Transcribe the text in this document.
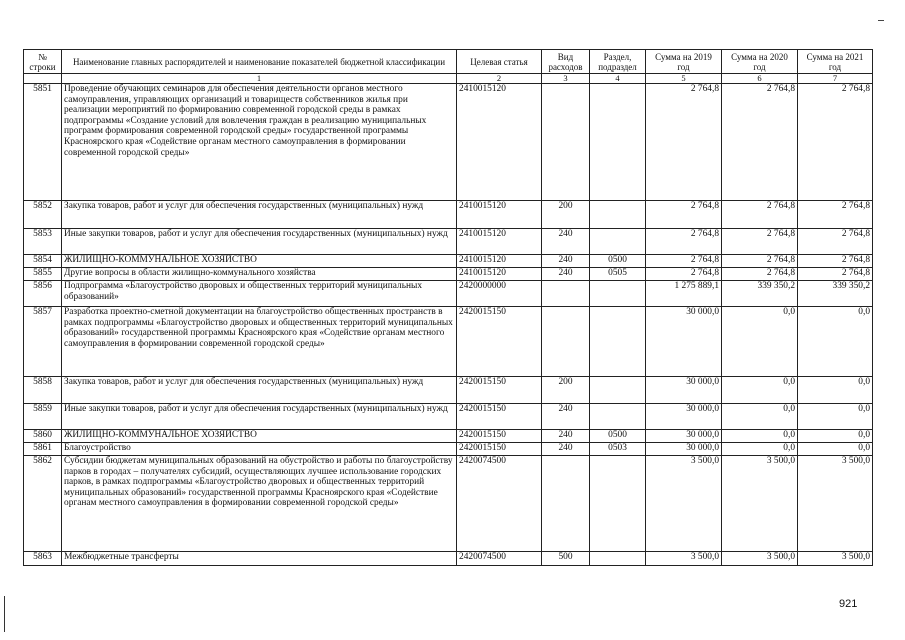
№ строки	Наименование главных распорядителей и наименование показателей бюджетной классификации	Целевая статья	Вид расходов	Раздел, подраздел	Сумма на 2019 год	Сумма на 2020 год	Сумма на 2021 год
	1	2	3	4	5	6	7
5851	Проведение обучающих семинаров для обеспечения деятельности органов местного самоуправления, управляющих организаций и товариществ собственников жилья при реализации мероприятий по формированию современной городской среды в рамках подпрограммы «Создание условий для вовлечения граждан в реализацию муниципальных программ формирования современной городской среды» государственной программы Красноярского края «Содействие органам местного самоуправления в формировании современной городской среды»	2410015120			2 764,8	2 764,8	2 764,8
5852	Закупка товаров, работ и услуг для обеспечения государственных (муниципальных) нужд	2410015120	200		2 764,8	2 764,8	2 764,8
5853	Иные закупки товаров, работ и услуг для обеспечения государственных (муниципальных) нужд	2410015120	240		2 764,8	2 764,8	2 764,8
5854	ЖИЛИЩНО-КОММУНАЛЬНОЕ ХОЗЯЙСТВО	2410015120	240	0500	2 764,8	2 764,8	2 764,8
5855	Другие вопросы в области жилищно-коммунального хозяйства	2410015120	240	0505	2 764,8	2 764,8	2 764,8
5856	Подпрограмма «Благоустройство дворовых и общественных территорий муниципальных образований»	2420000000			1 275 889,1	339 350,2	339 350,2
5857	Разработка проектно-сметной документации на благоустройство общественных пространств в рамках подпрограммы «Благоустройство дворовых и общественных территорий муниципальных образований» государственной программы Красноярского края «Содействие органам местного самоуправления в формировании современной городской среды»	2420015150			30 000,0	0,0	0,0
5858	Закупка товаров, работ и услуг для обеспечения государственных (муниципальных) нужд	2420015150	200		30 000,0	0,0	0,0
5859	Иные закупки товаров, работ и услуг для обеспечения государственных (муниципальных) нужд	2420015150	240		30 000,0	0,0	0,0
5860	ЖИЛИЩНО-КОММУНАЛЬНОЕ ХОЗЯЙСТВО	2420015150	240	0500	30 000,0	0,0	0,0
5861	Благоустройство	2420015150	240	0503	30 000,0	0,0	0,0
5862	Субсидии бюджетам муниципальных образований на обустройство и работы по благоустройству парков в городах – получателях субсидий, осуществляющих лучшее использование городских парков, в рамках подпрограммы «Благоустройство дворовых и общественных территорий муниципальных образований» государственной программы Красноярского края «Содействие органам местного самоуправления в формировании современной городской среды»	2420074500			3 500,0	3 500,0	3 500,0
5863	Межбюджетные трансферты	2420074500	500		3 500,0	3 500,0	3 500,0
921
